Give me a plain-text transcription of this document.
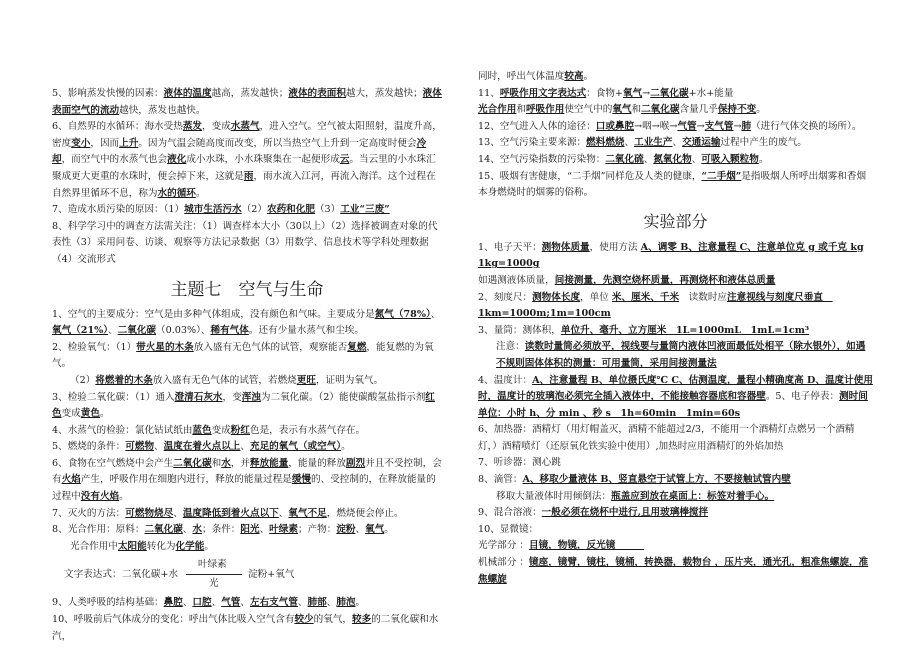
5、影响蒸发快慢的因素：液体的温度越高，蒸发越快；液体的表面积越大，蒸发越快；液体表面空气的流动越快，蒸发也越快。

6、自然界的水循环：海水受热蒸发，变成水蒸气，进入空气。空气被太阳照射，温度升高，密度变小，因而上升。因为气温会随高度而改变，所以当热空气上升到一定高度时便会冷却，而空气中的水蒸气也会液化成小水珠，小水珠聚集在一起便形成云。当云里的小水珠汇聚成更大更重的水珠时，便会掉下来，这就是雨，雨水流入江河，再流入海洋。这个过程在自然界里循环不息，称为水的循环。

7、造成水质污染的原因：（1）城市生活污水（2）农药和化肥（3）工业“三废”

8、科学学习中的调查方法需关注：（1）调查样本大小（30以上）（2）选择被调查对象的代表性（3）采用问卷、访谈、观察等方法记录数据（3）用数学、信息技术等学科处理数据（4）交流形式

主题七　空气与生命

1、空气的主要成分：空气是由多种气体组成，没有颜色和气味。主要成分是氮气（78%）、氧气（21%）、二氧化碳（0.03%）、稀有气体。还有少量水蒸气和尘埃。

2、检验氧气：（1）带火星的木条放入盛有无色气体的试管，观察能否复燃，能复燃的为氧气。

（2）将燃着的木条放入盛有无色气体的试管，若燃烧更旺，证明为氧气。

3、检验二氧化碳：（1）通入澄清石灰水，变浑浊为二氧化碳。（2）能使碳酸氢盐指示剂红色变成黄色。

4、水蒸气的检验：氯化钴试纸由蓝色变成粉红色是，表示有水蒸气存在。

5、燃烧的条件：可燃物、温度在着火点以上、充足的氧气（或空气）。

6、食物在空气燃烧中会产生二氧化碳和水，并释放能量，能量的释放剧烈并且不受控制，会有火焰产生，呼吸作用在细胞内进行，释放的能量过程是缓慢的、受控制的，在释放能量的过程中没有火焰。

7、灭火的方法：可燃物烧尽、温度降低到着火点以下、氧气不足，燃烧便会停止。

8、光合作用：原料：二氧化碳、水；条件：阳光、叶绿素；产物：淀粉、氧气。

光合作用中太阳能转化为化学能。

文字表达式： 二氧化碳+水
叶绿素
光
淀粉+氧气

9、人类呼吸的结构基础：鼻腔、口腔、气管、左右支气管、肺部、肺泡。

10、呼吸前后气体成分的变化：呼出气体比吸入空气含有较少的氧气，较多的二氧化碳和水汽，

同时，呼出气体温度较高。

11、呼吸作用文字表达式：食物+氧气→二氧化碳+水+能量

光合作用和呼吸作用使空气中的氧气和二氧化碳含量几乎保持不变。

12、空气进入人体的途径：口或鼻腔→咽→喉→气管→支气管→肺（进行气体交换的场所）。

13、空气污染主要来源：燃料燃烧、工业生产、交通运输过程中产生的废气。

14、空气污染指数的污染物：二氧化硫、氮氧化物、可吸入颗粒物。

15、吸烟有害健康，“二手烟”同样危及人类的健康，“二手烟”是指吸烟人所呼出烟雾和香烟本身燃烧时的烟雾的俗称。

实验部分

1、电子天平：测物体质量，使用方法 A、调零 B、注意量程 C、注意单位克 g 或千克 kg 1kg=1000g

如遇测液体质量，间接测量，先测空烧杯质量，再测烧杯和液体总质量

2、刻度尺：测物体长度，单位 米、厘米、千米　读数时应注意视线与刻度尺垂直　1km=1000m;1m=100cm

3、量筒：测体积，单位升、毫升、立方厘米　1L=1000mL　1mL=1cm³

注意：读数时量筒必须放平，视线要与量筒内液体凹液面最低处相平（除水银外），如遇不规则固体体积的测量：可用量筒，采用间接测量法

4、温度计：A、注意量程 B、单位摄氏度℃ C、估测温度，量程小精确度高 D、温度计使用时，温度计的玻璃泡必须完全插入液体中，不能接触容器底和容器壁。5、电子停表：测时间 单位：小时 h、分 min 、秒 s　1h=60min　1min=60s

6、加热器：酒精灯（用灯帽盖灭，酒精不能超过2/3，不能用一个酒精灯点燃另一个酒精灯，）酒精喷灯（还原氧化铁实验中使用）,加热时应用酒精灯的外焰加热

7、听诊器：测心跳

8、滴管：A、移取少量液体 B、竖直悬空于试管上方，不要接触试管内壁

移取大量液体时用倾倒法：瓶盖应到放在桌面上：标签对着手心。

9、混合溶液：一般必须在烧杯中进行,且用玻璃棒搅拌

10、显微镜：

光学部分 ：目镜，物镜，反光镜　　　

机械部分 ：镜座，镜臂，镜柱，镜桶，转换器，载物台 ，压片夹，通光孔，粗准焦螺旋，准焦螺旋
